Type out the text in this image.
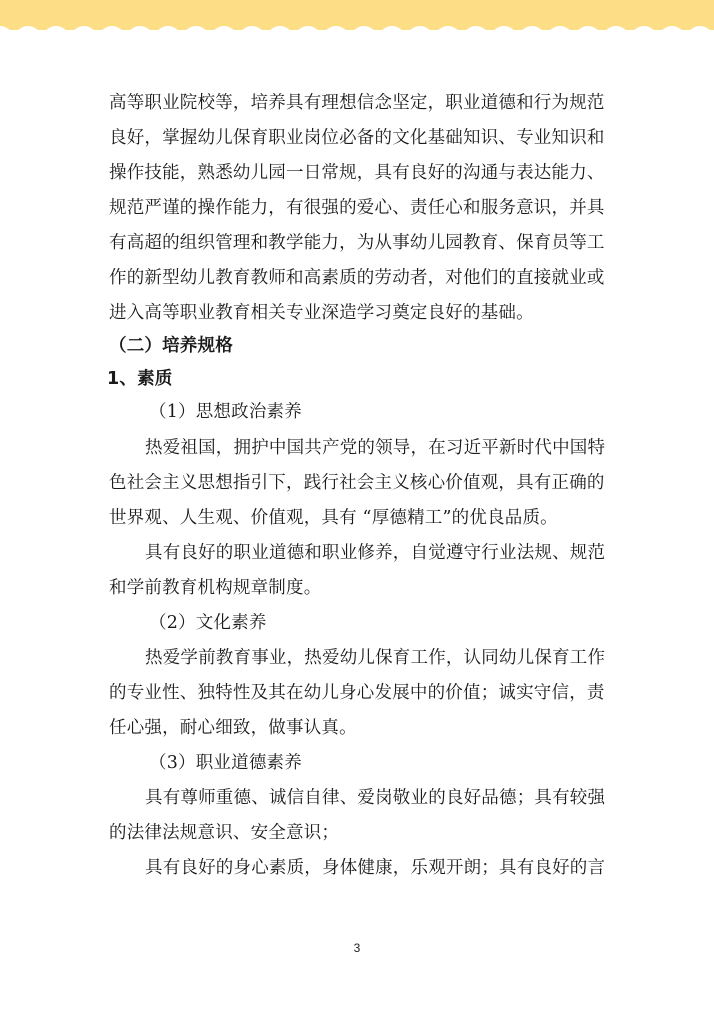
高等职业院校等，培养具有理想信念坚定，职业道德和行为规范
良好，掌握幼儿保育职业岗位必备的文化基础知识、专业知识和
操作技能，熟悉幼儿园一日常规，具有良好的沟通与表达能力、
规范严谨的操作能力，有很强的爱心、责任心和服务意识，并具
有高超的组织管理和教学能力，为从事幼儿园教育、保育员等工
作的新型幼儿教育教师和高素质的劳动者，对他们的直接就业或
进入高等职业教育相关专业深造学习奠定良好的基础。
（二）培养规格
1、素质
（1）思想政治素养
热爱祖国，拥护中国共产党的领导，在习近平新时代中国特
色社会主义思想指引下，践行社会主义核心价值观，具有正确的
世界观、人生观、价值观，具有 “厚德精工”的优良品质。
具有良好的职业道德和职业修养，自觉遵守行业法规、规范
和学前教育机构规章制度。
（2）文化素养
热爱学前教育事业，热爱幼儿保育工作，认同幼儿保育工作
的专业性、独特性及其在幼儿身心发展中的价值；诚实守信，责
任心强，耐心细致，做事认真。
（3）职业道德素养
具有尊师重德、诚信自律、爱岗敬业的良好品德；具有较强
的法律法规意识、安全意识；
具有良好的身心素质，身体健康，乐观开朗；具有良好的言
3
